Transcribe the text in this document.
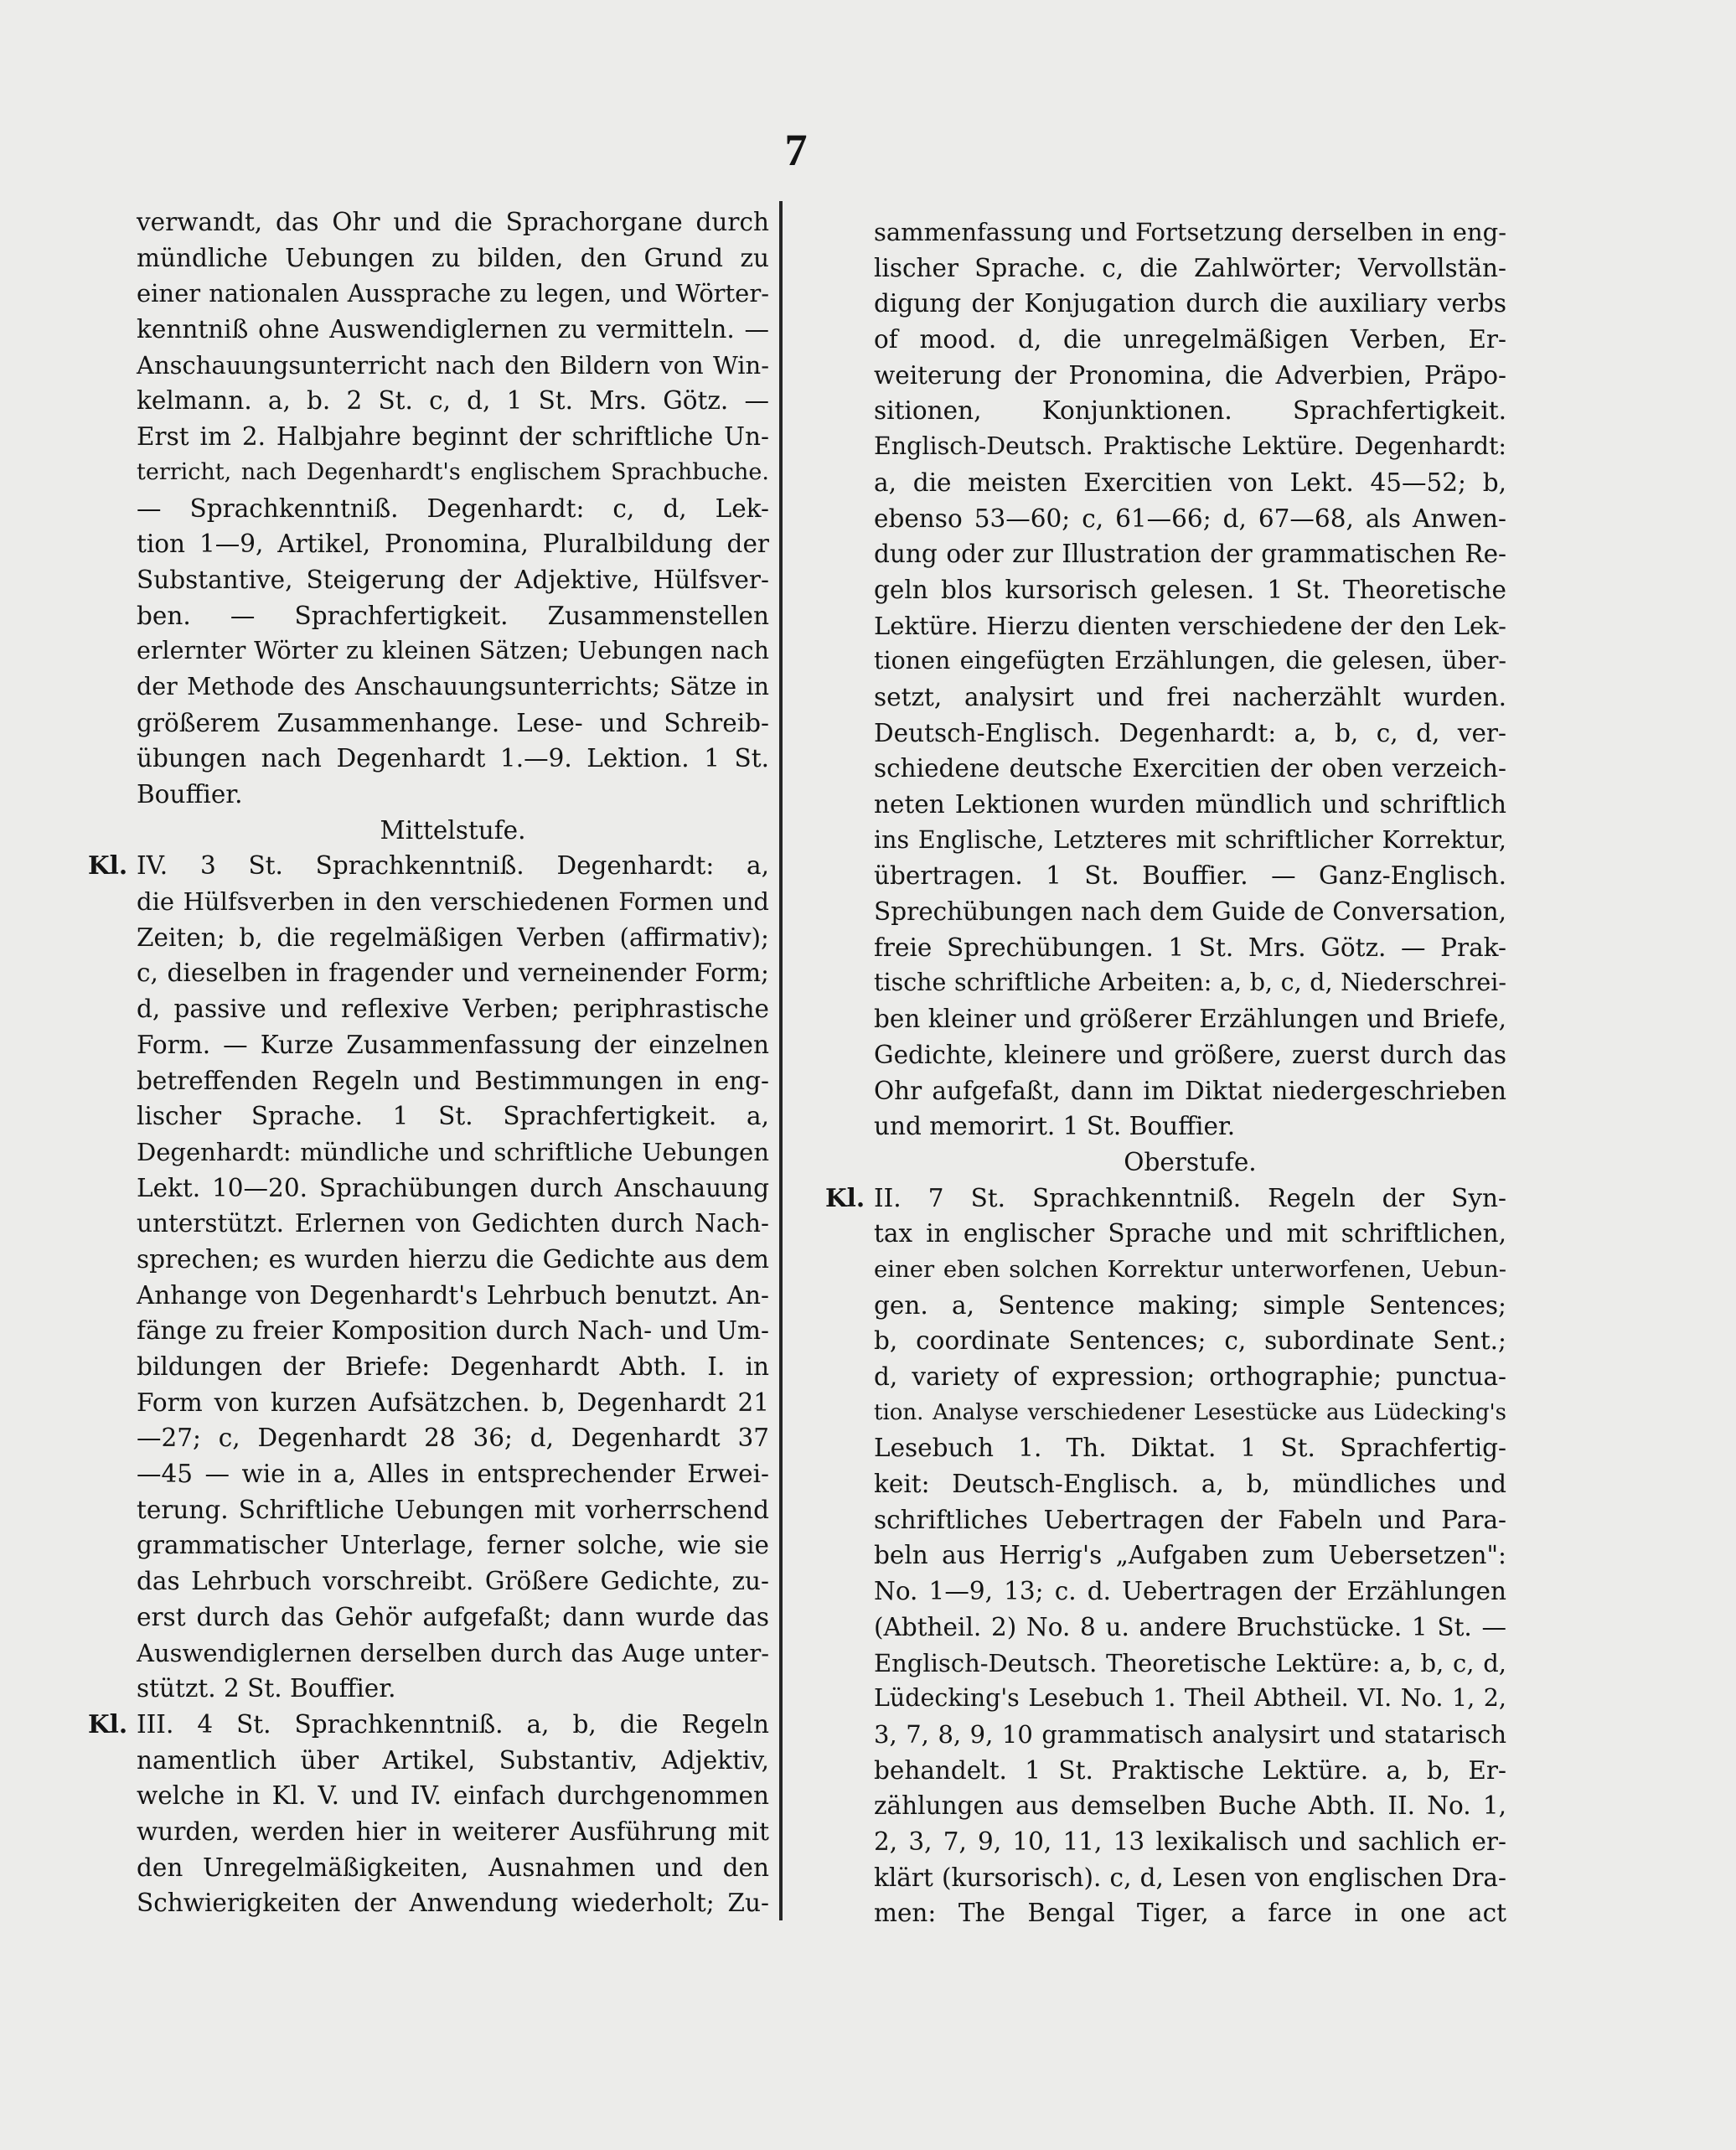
7
verwandt, das Ohr und die Sprachorgane durch
mündliche Uebungen zu bilden, den Grund zu
einer nationalen Aussprache zu legen, und Wörter-
kenntniß ohne Auswendiglernen zu vermitteln. —
Anschauungsunterricht nach den Bildern von Win-
kelmann. a, b. 2 St. c, d, 1 St. Mrs. Götz. —
Erst im 2. Halbjahre beginnt der schriftliche Un-
terricht, nach Degenhardt's englischem Sprachbuche.
— Sprachkenntniß. Degenhardt: c, d, Lek-
tion 1—9, Artikel, Pronomina, Pluralbildung der
Substantive, Steigerung der Adjektive, Hülfsver-
ben. — Sprachfertigkeit. Zusammenstellen
erlernter Wörter zu kleinen Sätzen; Uebungen nach
der Methode des Anschauungsunterrichts; Sätze in
größerem Zusammenhange. Lese- und Schreib-
übungen nach Degenhardt 1.—9. Lektion. 1 St.
Bouffier.
Mittelstufe.
Kl. IV. 3 St. Sprachkenntniß. Degenhardt: a,
die Hülfsverben in den verschiedenen Formen und
Zeiten; b, die regelmäßigen Verben (affirmativ);
c, dieselben in fragender und verneinender Form;
d, passive und reflexive Verben; periphrastische
Form. — Kurze Zusammenfassung der einzelnen
betreffenden Regeln und Bestimmungen in eng-
lischer Sprache. 1 St. Sprachfertigkeit. a,
Degenhardt: mündliche und schriftliche Uebungen
Lekt. 10—20. Sprachübungen durch Anschauung
unterstützt. Erlernen von Gedichten durch Nach-
sprechen; es wurden hierzu die Gedichte aus dem
Anhange von Degenhardt's Lehrbuch benutzt. An-
fänge zu freier Komposition durch Nach- und Um-
bildungen der Briefe: Degenhardt Abth. I. in
Form von kurzen Aufsätzchen. b, Degenhardt 21
—27; c, Degenhardt 28 36; d, Degenhardt 37
—45 — wie in a, Alles in entsprechender Erwei-
terung. Schriftliche Uebungen mit vorherrschend
grammatischer Unterlage, ferner solche, wie sie
das Lehrbuch vorschreibt. Größere Gedichte, zu-
erst durch das Gehör aufgefaßt; dann wurde das
Auswendiglernen derselben durch das Auge unter-
stützt. 2 St. Bouffier.
Kl. III. 4 St. Sprachkenntniß. a, b, die Regeln
namentlich über Artikel, Substantiv, Adjektiv,
welche in Kl. V. und IV. einfach durchgenommen
wurden, werden hier in weiterer Ausführung mit
den Unregelmäßigkeiten, Ausnahmen und den
Schwierigkeiten der Anwendung wiederholt; Zu-
sammenfassung und Fortsetzung derselben in eng-
lischer Sprache. c, die Zahlwörter; Vervollstän-
digung der Konjugation durch die auxiliary verbs
of mood. d, die unregelmäßigen Verben, Er-
weiterung der Pronomina, die Adverbien, Präpo-
sitionen, Konjunktionen. Sprachfertigkeit.
Englisch-Deutsch. Praktische Lektüre. Degenhardt:
a, die meisten Exercitien von Lekt. 45—52; b,
ebenso 53—60; c, 61—66; d, 67—68, als Anwen-
dung oder zur Illustration der grammatischen Re-
geln blos kursorisch gelesen. 1 St. Theoretische
Lektüre. Hierzu dienten verschiedene der den Lek-
tionen eingefügten Erzählungen, die gelesen, über-
setzt, analysirt und frei nacherzählt wurden.
Deutsch-Englisch. Degenhardt: a, b, c, d, ver-
schiedene deutsche Exercitien der oben verzeich-
neten Lektionen wurden mündlich und schriftlich
ins Englische, Letzteres mit schriftlicher Korrektur,
übertragen. 1 St. Bouffier. — Ganz-Englisch.
Sprechübungen nach dem Guide de Conversation,
freie Sprechübungen. 1 St. Mrs. Götz. — Prak-
tische schriftliche Arbeiten: a, b, c, d, Niederschrei-
ben kleiner und größerer Erzählungen und Briefe,
Gedichte, kleinere und größere, zuerst durch das
Ohr aufgefaßt, dann im Diktat niedergeschrieben
und memorirt. 1 St. Bouffier.
Oberstufe.
Kl. II. 7 St. Sprachkenntniß. Regeln der Syn-
tax in englischer Sprache und mit schriftlichen,
einer eben solchen Korrektur unterworfenen, Uebun-
gen. a, Sentence making; simple Sentences;
b, coordinate Sentences; c, subordinate Sent.;
d, variety of expression; orthographie; punctua-
tion. Analyse verschiedener Lesestücke aus Lüdecking's
Lesebuch 1. Th. Diktat. 1 St. Sprachfertig-
keit: Deutsch-Englisch. a, b, mündliches und
schriftliches Uebertragen der Fabeln und Para-
beln aus Herrig's „Aufgaben zum Uebersetzen":
No. 1—9, 13; c. d. Uebertragen der Erzählungen
(Abtheil. 2) No. 8 u. andere Bruchstücke. 1 St. —
Englisch-Deutsch. Theoretische Lektüre: a, b, c, d,
Lüdecking's Lesebuch 1. Theil Abtheil. VI. No. 1, 2,
3, 7, 8, 9, 10 grammatisch analysirt und statarisch
behandelt. 1 St. Praktische Lektüre. a, b, Er-
zählungen aus demselben Buche Abth. II. No. 1,
2, 3, 7, 9, 10, 11, 13 lexikalisch und sachlich er-
klärt (kursorisch). c, d, Lesen von englischen Dra-
men: The Bengal Tiger, a farce in one act
